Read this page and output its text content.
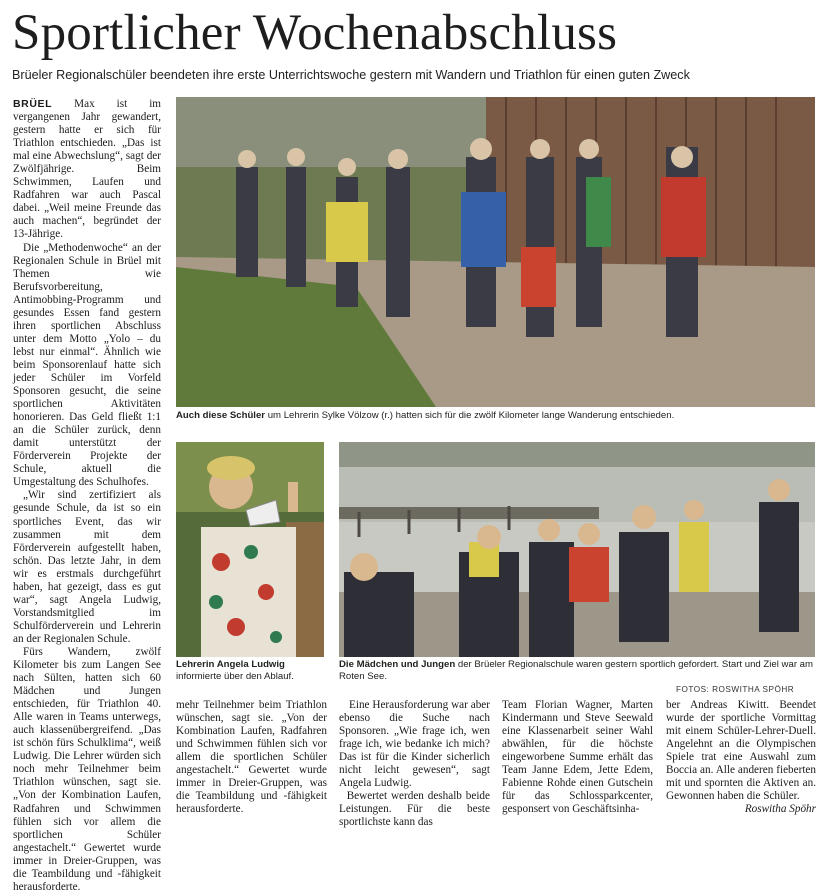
Sportlicher Wochenabschluss
Brüeler Regionalschüler beendeten ihre erste Unterrichtswoche gestern mit Wandern und Triathlon für einen guten Zweck

BRÜEL Max ist im vergangenen Jahr gewandert, gestern hatte er sich für Triathlon entschieden. „Das ist mal eine Abwechslung“, sagt der Zwölfjährige. Beim Schwimmen, Laufen und Radfahren war auch Pascal dabei. „Weil meine Freunde das auch machen“, begründet der 13-Jährige.

Die „Methodenwoche“ an der Regionalen Schule in Brüel mit Themen wie Berufsvorbereitung, Antimobbing-Programm und gesundes Essen fand gestern ihren sportlichen Abschluss unter dem Motto „Yolo – du lebst nur einmal“. Ähnlich wie beim Sponsorenlauf hatte sich jeder Schüler im Vorfeld Sponsoren gesucht, die seine sportlichen Aktivitäten honorieren. Das Geld fließt 1:1 an die Schüler zurück, denn damit unterstützt der Förderverein Projekte der Schule, aktuell die Umgestaltung des Schulhofes.

„Wir sind zertifiziert als gesunde Schule, da ist so ein sportliches Event, das wir zusammen mit dem Förderverein aufgestellt haben, schön. Das letzte Jahr, in dem wir es erstmals durchgeführt haben, hat gezeigt, dass es gut war“, sagt Angela Ludwig, Vorstandsmitglied im Schulförderverein und Lehrerin an der Regionalen Schule.

Fürs Wandern, zwölf Kilometer bis zum Langen See nach Sülten, hatten sich 60 Mädchen und Jungen entschieden, für Triathlon 40. Alle waren in Teams unterwegs, auch klassenübergreifend. „Das ist schön fürs Schulklima“, weiß Ludwig. Die Lehrer würden sich noch mehr Teilnehmer beim Triathlon wünschen, sagt sie. „Von der Kombination Laufen, Radfahren und Schwimmen fühlen sich vor allem die sportlichen Schüler angestachelt.“ Gewertet wurde immer in Dreier-Gruppen, was die Teambildung und -fähigkeit herausforderte.

Auch diese Schüler um Lehrerin Sylke Völzow (r.) hatten sich für die zwölf Kilometer lange Wanderung entschieden.
Lehrerin Angela Ludwig informierte über den Ablauf.
Die Mädchen und Jungen der Brüeler Regionalschule waren gestern sportlich gefordert. Start und Ziel war am Roten See.
FOTOS: ROSWITHA SPÖHR

mehr Teilnehmer beim Triathlon wünschen, sagt sie. „Von der Kombination Laufen, Radfahren und Schwimmen fühlen sich vor allem die sportlichen Schüler angestachelt.“ Gewertet wurde immer in Dreier-Gruppen, was die Teambildung und -fähigkeit herausforderte.

Eine Herausforderung war aber ebenso die Suche nach Sponsoren. „Wie frage ich, wen frage ich, wie bedanke ich mich? Das ist für die Kinder sicherlich nicht leicht gewesen“, sagt Angela Ludwig.

Bewertet werden deshalb beide Leistungen. Für die beste sportlichste kann das

Team Florian Wagner, Marten Kindermann und Steve Seewald eine Klassenarbeit seiner Wahl abwählen, für die höchste eingeworbene Summe erhält das Team Janne Edem, Jette Edem, Fabienne Rohde einen Gutschein für das Schlossparkcenter, gesponsert von Geschäftsinha-

ber Andreas Kiwitt. Beendet wurde der sportliche Vormittag mit einem Schüler-Lehrer-Duell. Angelehnt an die Olympischen Spiele trat eine Auswahl zum Boccia an. Alle anderen fieberten mit und spornten die Aktiven an. Gewonnen haben die Schüler.

Roswitha Spöhr
